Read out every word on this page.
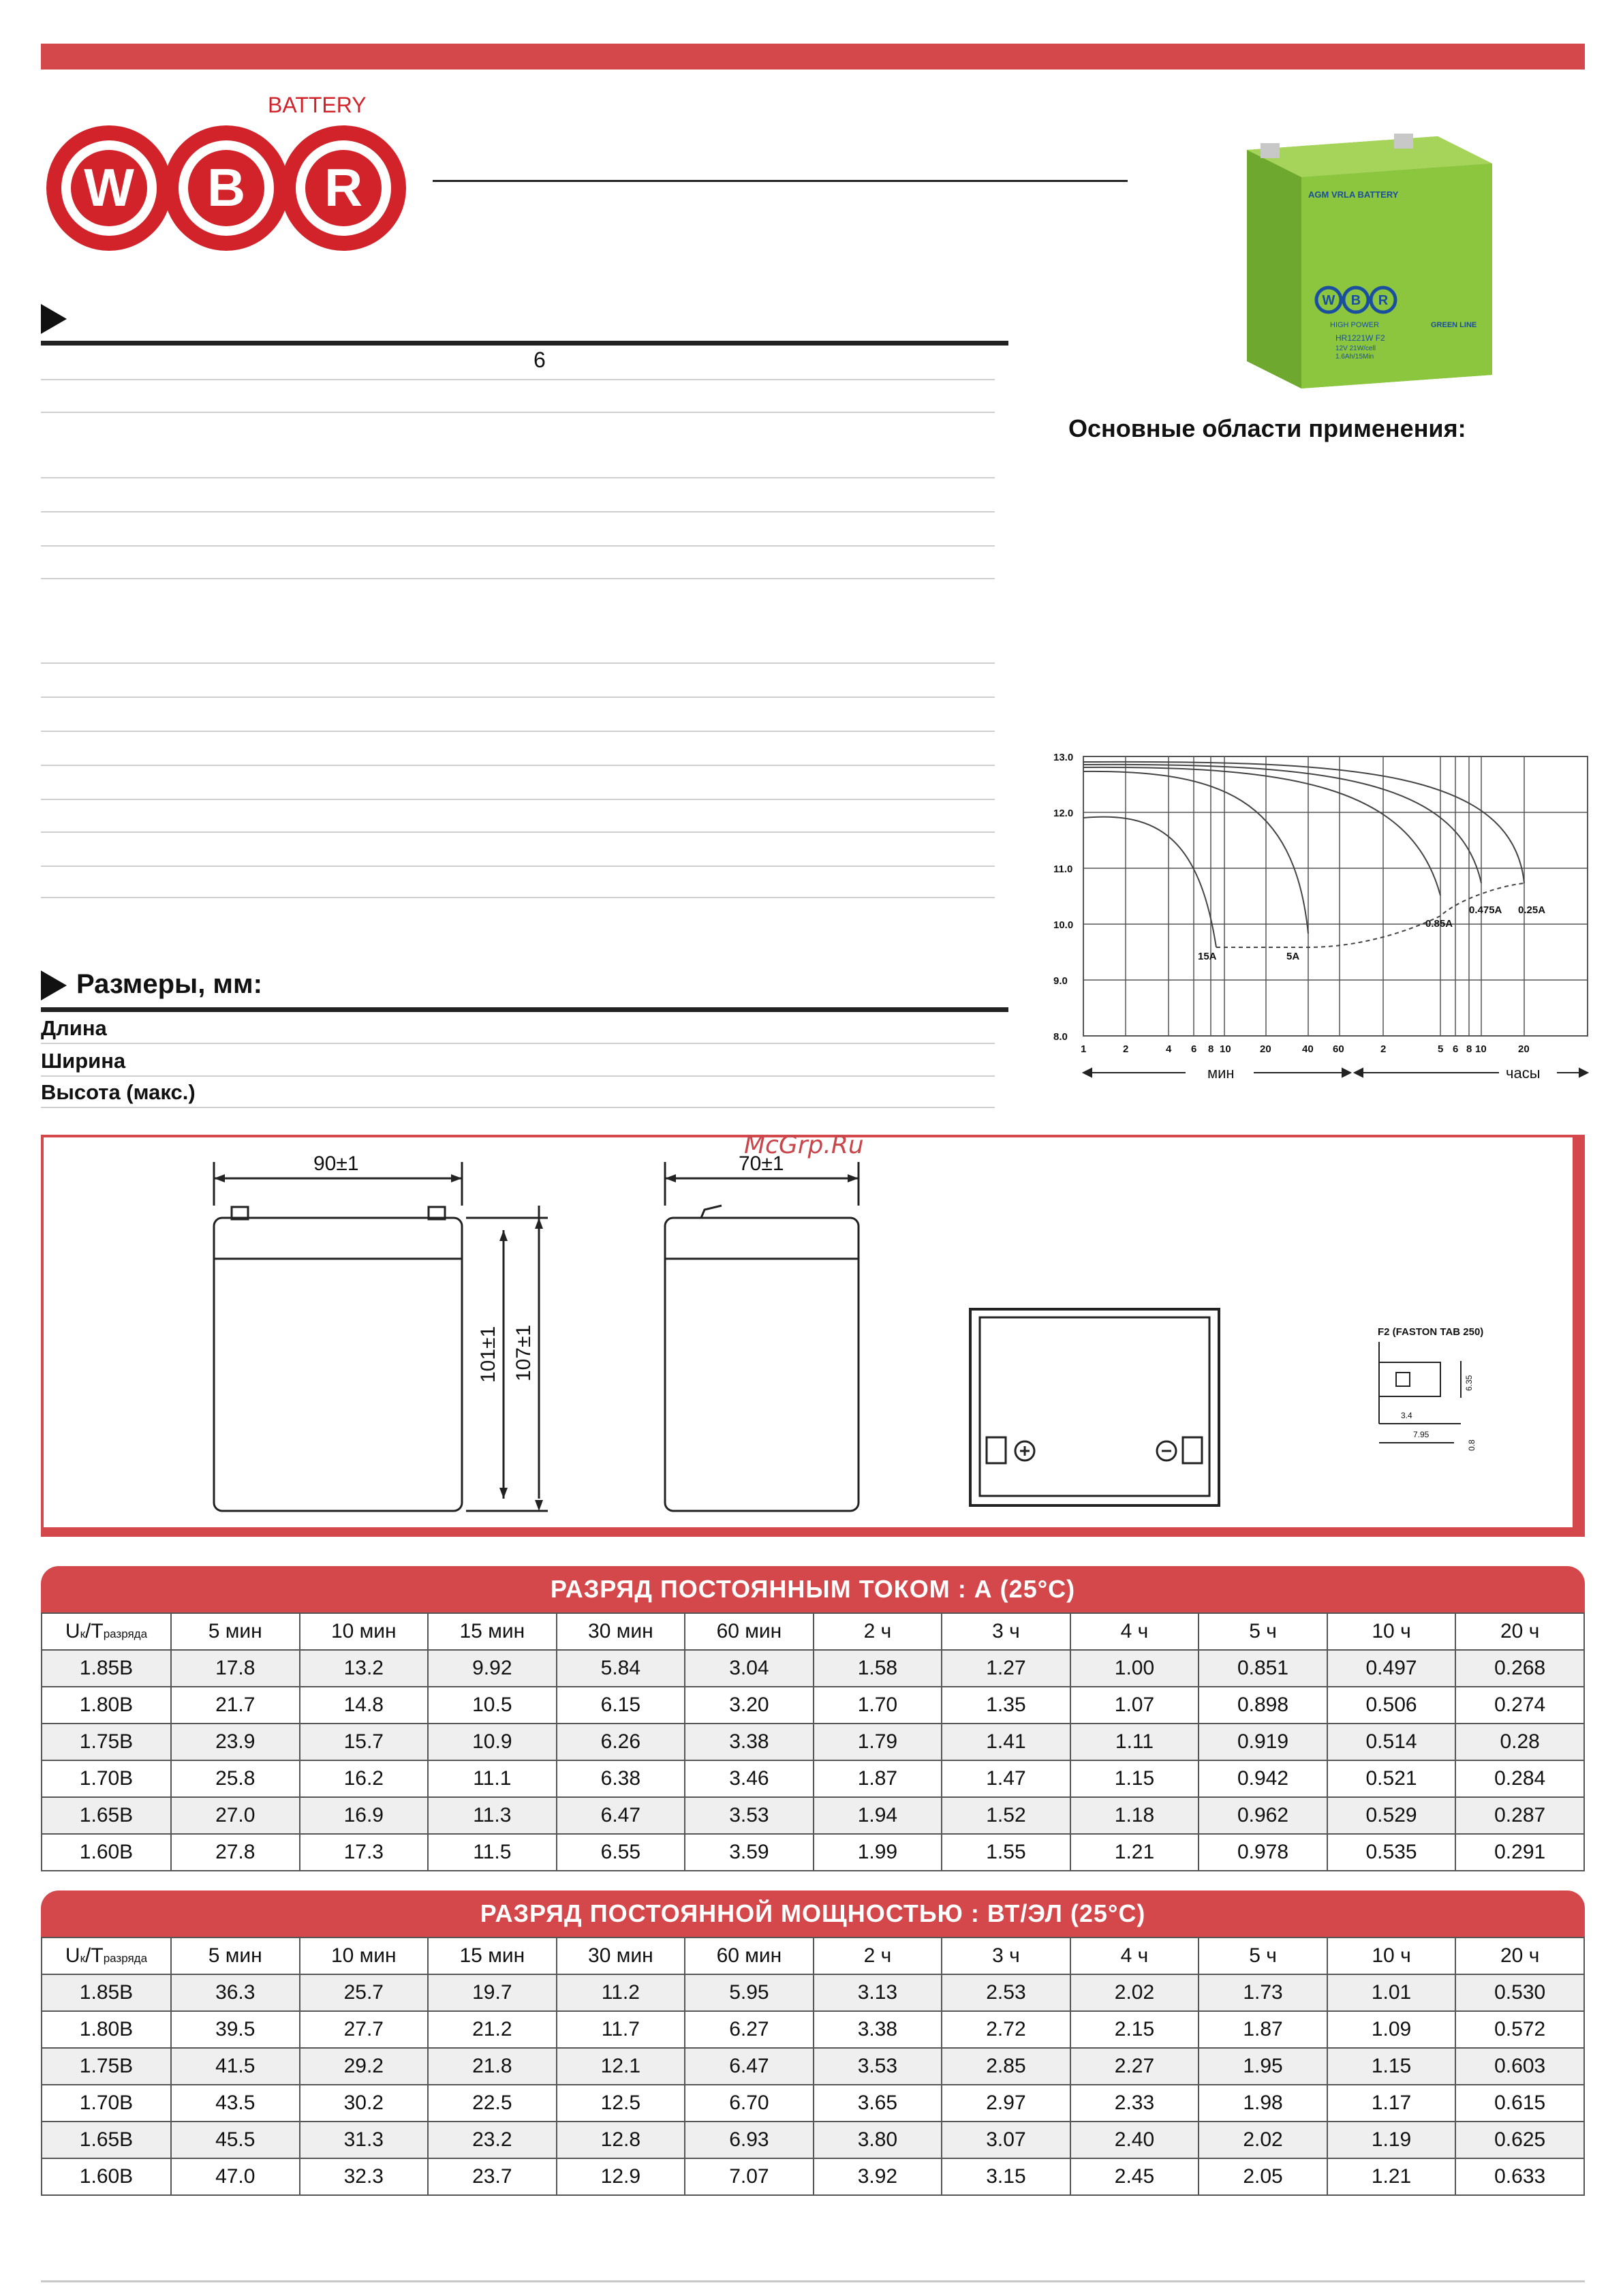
BATTERY
W B R	AGM VRLA BATTERY
W B R
HIGH POWER
HR1221W F2
12V 21W/cell
1.6Ah/15Min
GREEN LINE
6
Основные области применения:
13.0
12.0
11.0
10.0
9.0
8.0
1	2	4 6 8 10	20	40 60	2	5 6 8 10	20
15A	5A
0.85A
0.475A 0.25A
мин	часы
Размеры, мм:
Длина
Ширина
Высота (макс.)
90±1	70±1
101±1 107±1	F2 (FASTON TAB 250)
6.35
3.4
7.95
0.8
McGrp.Ru
РАЗРЯД ПОСТОЯННЫМ ТОКОМ : А (25°С)
Uк/Tразряда	5 мин	10 мин	15 мин	30 мин	60 мин	2 ч	3 ч	4 ч	5 ч	10 ч	20 ч
1.85В	17.8	13.2	9.92	5.84	3.04	1.58	1.27	1.00	0.851	0.497	0.268
1.80В	21.7	14.8	10.5	6.15	3.20	1.70	1.35	1.07	0.898	0.506	0.274
1.75В	23.9	15.7	10.9	6.26	3.38	1.79	1.41	1.11	0.919	0.514	0.28
1.70В	25.8	16.2	11.1	6.38	3.46	1.87	1.47	1.15	0.942	0.521	0.284
1.65В	27.0	16.9	11.3	6.47	3.53	1.94	1.52	1.18	0.962	0.529	0.287
1.60В	27.8	17.3	11.5	6.55	3.59	1.99	1.55	1.21	0.978	0.535	0.291
РАЗРЯД ПОСТОЯННОЙ МОЩНОСТЬЮ : ВТ/ЭЛ (25°С)
Uк/Tразряда	5 мин	10 мин	15 мин	30 мин	60 мин	2 ч	3 ч	4 ч	5 ч	10 ч	20 ч
1.85В	36.3	25.7	19.7	11.2	5.95	3.13	2.53	2.02	1.73	1.01	0.530
1.80В	39.5	27.7	21.2	11.7	6.27	3.38	2.72	2.15	1.87	1.09	0.572
1.75В	41.5	29.2	21.8	12.1	6.47	3.53	2.85	2.27	1.95	1.15	0.603
1.70В	43.5	30.2	22.5	12.5	6.70	3.65	2.97	2.33	1.98	1.17	0.615
1.65В	45.5	31.3	23.2	12.8	6.93	3.80	3.07	2.40	2.02	1.19	0.625
1.60В	47.0	32.3	23.7	12.9	7.07	3.92	3.15	2.45	2.05	1.21	0.633
